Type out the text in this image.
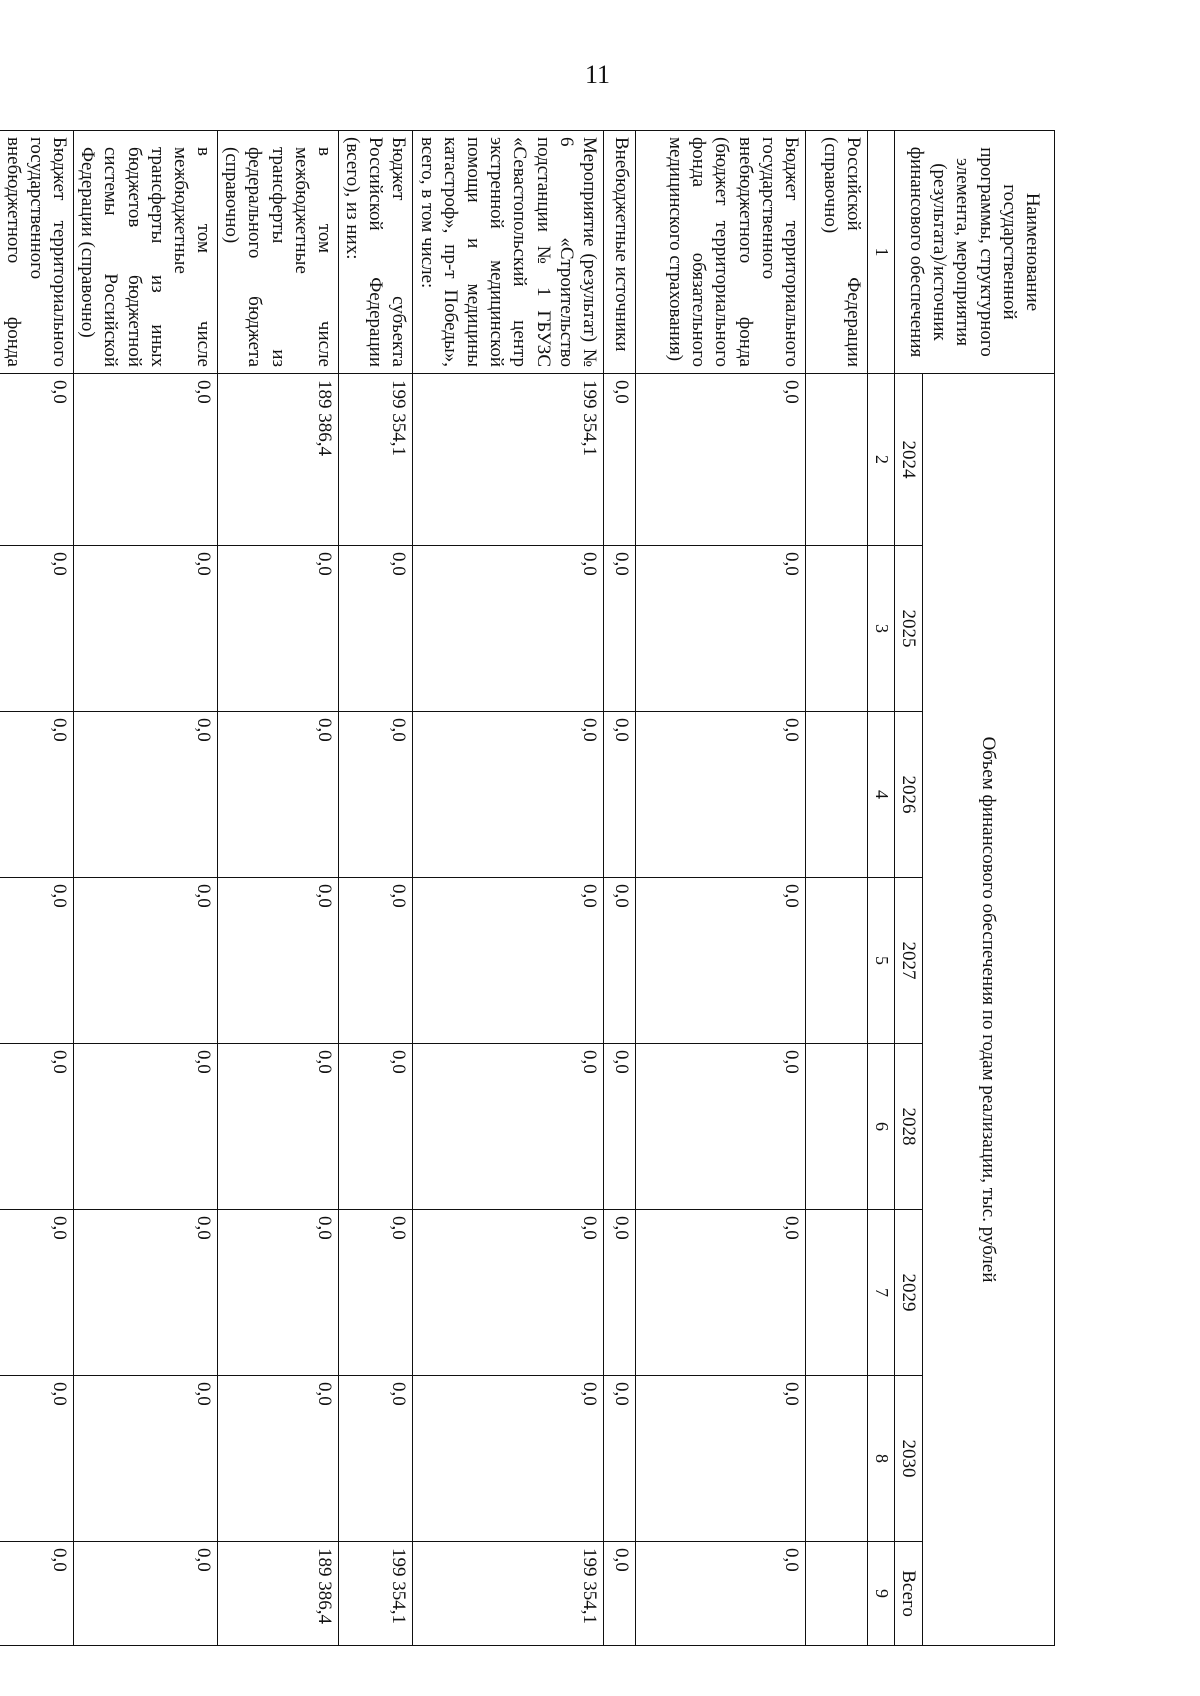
11
Наименование государственной программы, структурного элемента, мероприятия (результата)/источник финансового обеспечения	Объем финансового обеспечения по годам реализации, тыс. рублей							
	2024	2025	2026	2027	2028	2029	2030	Всего
1	2	3	4	5	6	7	8	9
Российской Федерации (справочно)								
Бюджет территориального государственного внебюджетного фонда (бюджет территориального фонда обязательного медицинского страхования)	0,0	0,0	0,0	0,0	0,0	0,0	0,0	0,0
Внебюджетные источники	0,0	0,0	0,0	0,0	0,0	0,0	0,0	0,0
Мероприятие (результат) № 6 «Строительство подстанции № 1 ГБУЗС «Севастопольский центр экстренной медицинской помощи и медицины катастроф», пр-т Победы», всего, в том числе:	199 354,1	0,0	0,0	0,0	0,0	0,0	0,0	199 354,1
Бюджет субъекта Российской Федерации (всего), из них:	199 354,1	0,0	0,0	0,0	0,0	0,0	0,0	199 354,1
в том числе межбюджетные трансферты из федерального бюджета (справочно)	189 386,4	0,0	0,0	0,0	0,0	0,0	0,0	189 386,4
в том числе межбюджетные трансферты из иных бюджетов бюджетной системы Российской Федерации (справочно)	0,0	0,0	0,0	0,0	0,0	0,0	0,0	0,0
Бюджет территориального государственного внебюджетного фонда	0,0	0,0	0,0	0,0	0,0	0,0	0,0	0,0
